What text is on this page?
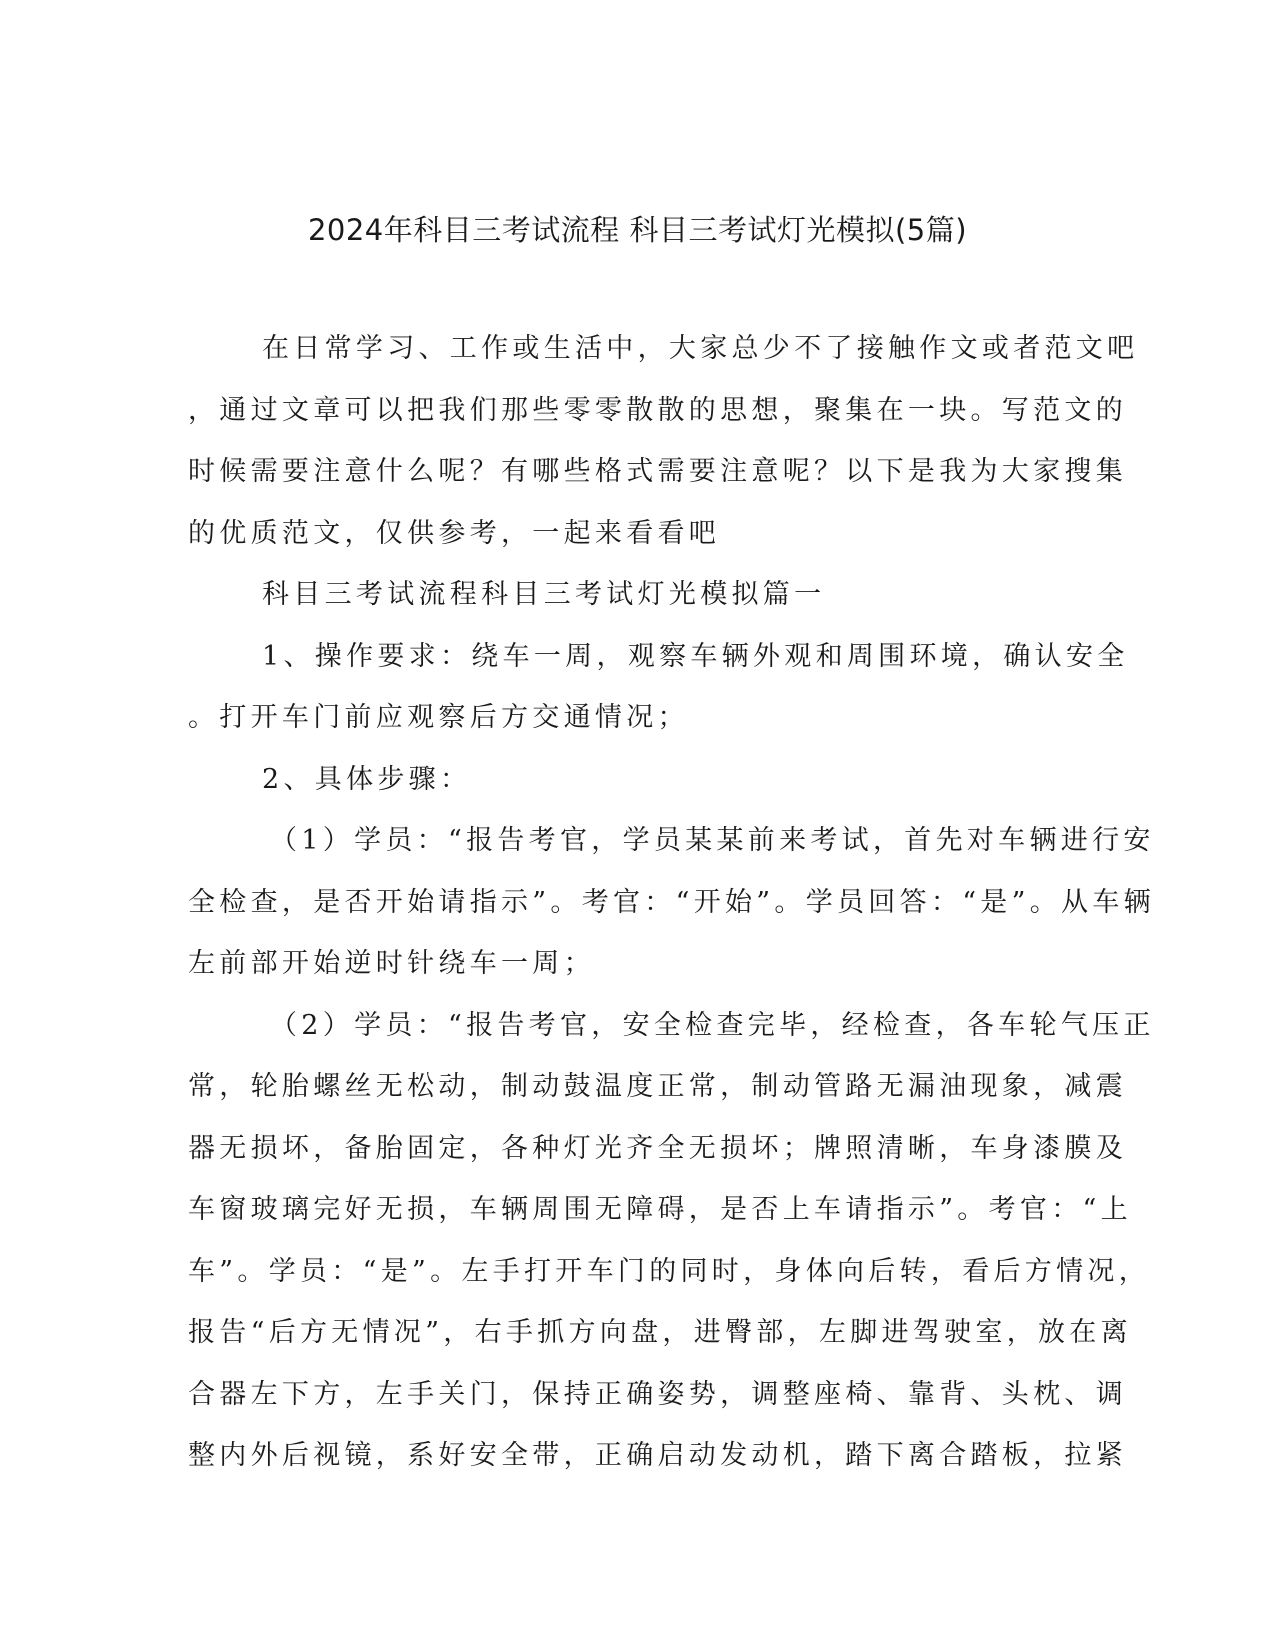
2024年科目三考试流程 科目三考试灯光模拟(5篇)
在日常学习、工作或生活中，大家总少不了接触作文或者范文吧
，通过文章可以把我们那些零零散散的思想，聚集在一块。写范文的
时候需要注意什么呢？有哪些格式需要注意呢？以下是我为大家搜集
的优质范文，仅供参考，一起来看看吧
科目三考试流程科目三考试灯光模拟篇一
1、操作要求：绕车一周，观察车辆外观和周围环境，确认安全
。打开车门前应观察后方交通情况；
2、具体步骤：
（1）学员：“报告考官，学员某某前来考试，首先对车辆进行安
全检查，是否开始请指示”。考官：“开始”。学员回答：“是”。从车辆
左前部开始逆时针绕车一周；
（2）学员：“报告考官，安全检查完毕，经检查，各车轮气压正
常，轮胎螺丝无松动，制动鼓温度正常，制动管路无漏油现象，减震
器无损坏，备胎固定，各种灯光齐全无损坏；牌照清晰，车身漆膜及
车窗玻璃完好无损，车辆周围无障碍，是否上车请指示”。考官：“上
车”。学员：“是”。左手打开车门的同时，身体向后转，看后方情况，
报告“后方无情况”，右手抓方向盘，进臀部，左脚进驾驶室，放在离
合器左下方，左手关门，保持正确姿势，调整座椅、靠背、头枕、调
整内外后视镜，系好安全带，正确启动发动机，踏下离合踏板，拉紧
